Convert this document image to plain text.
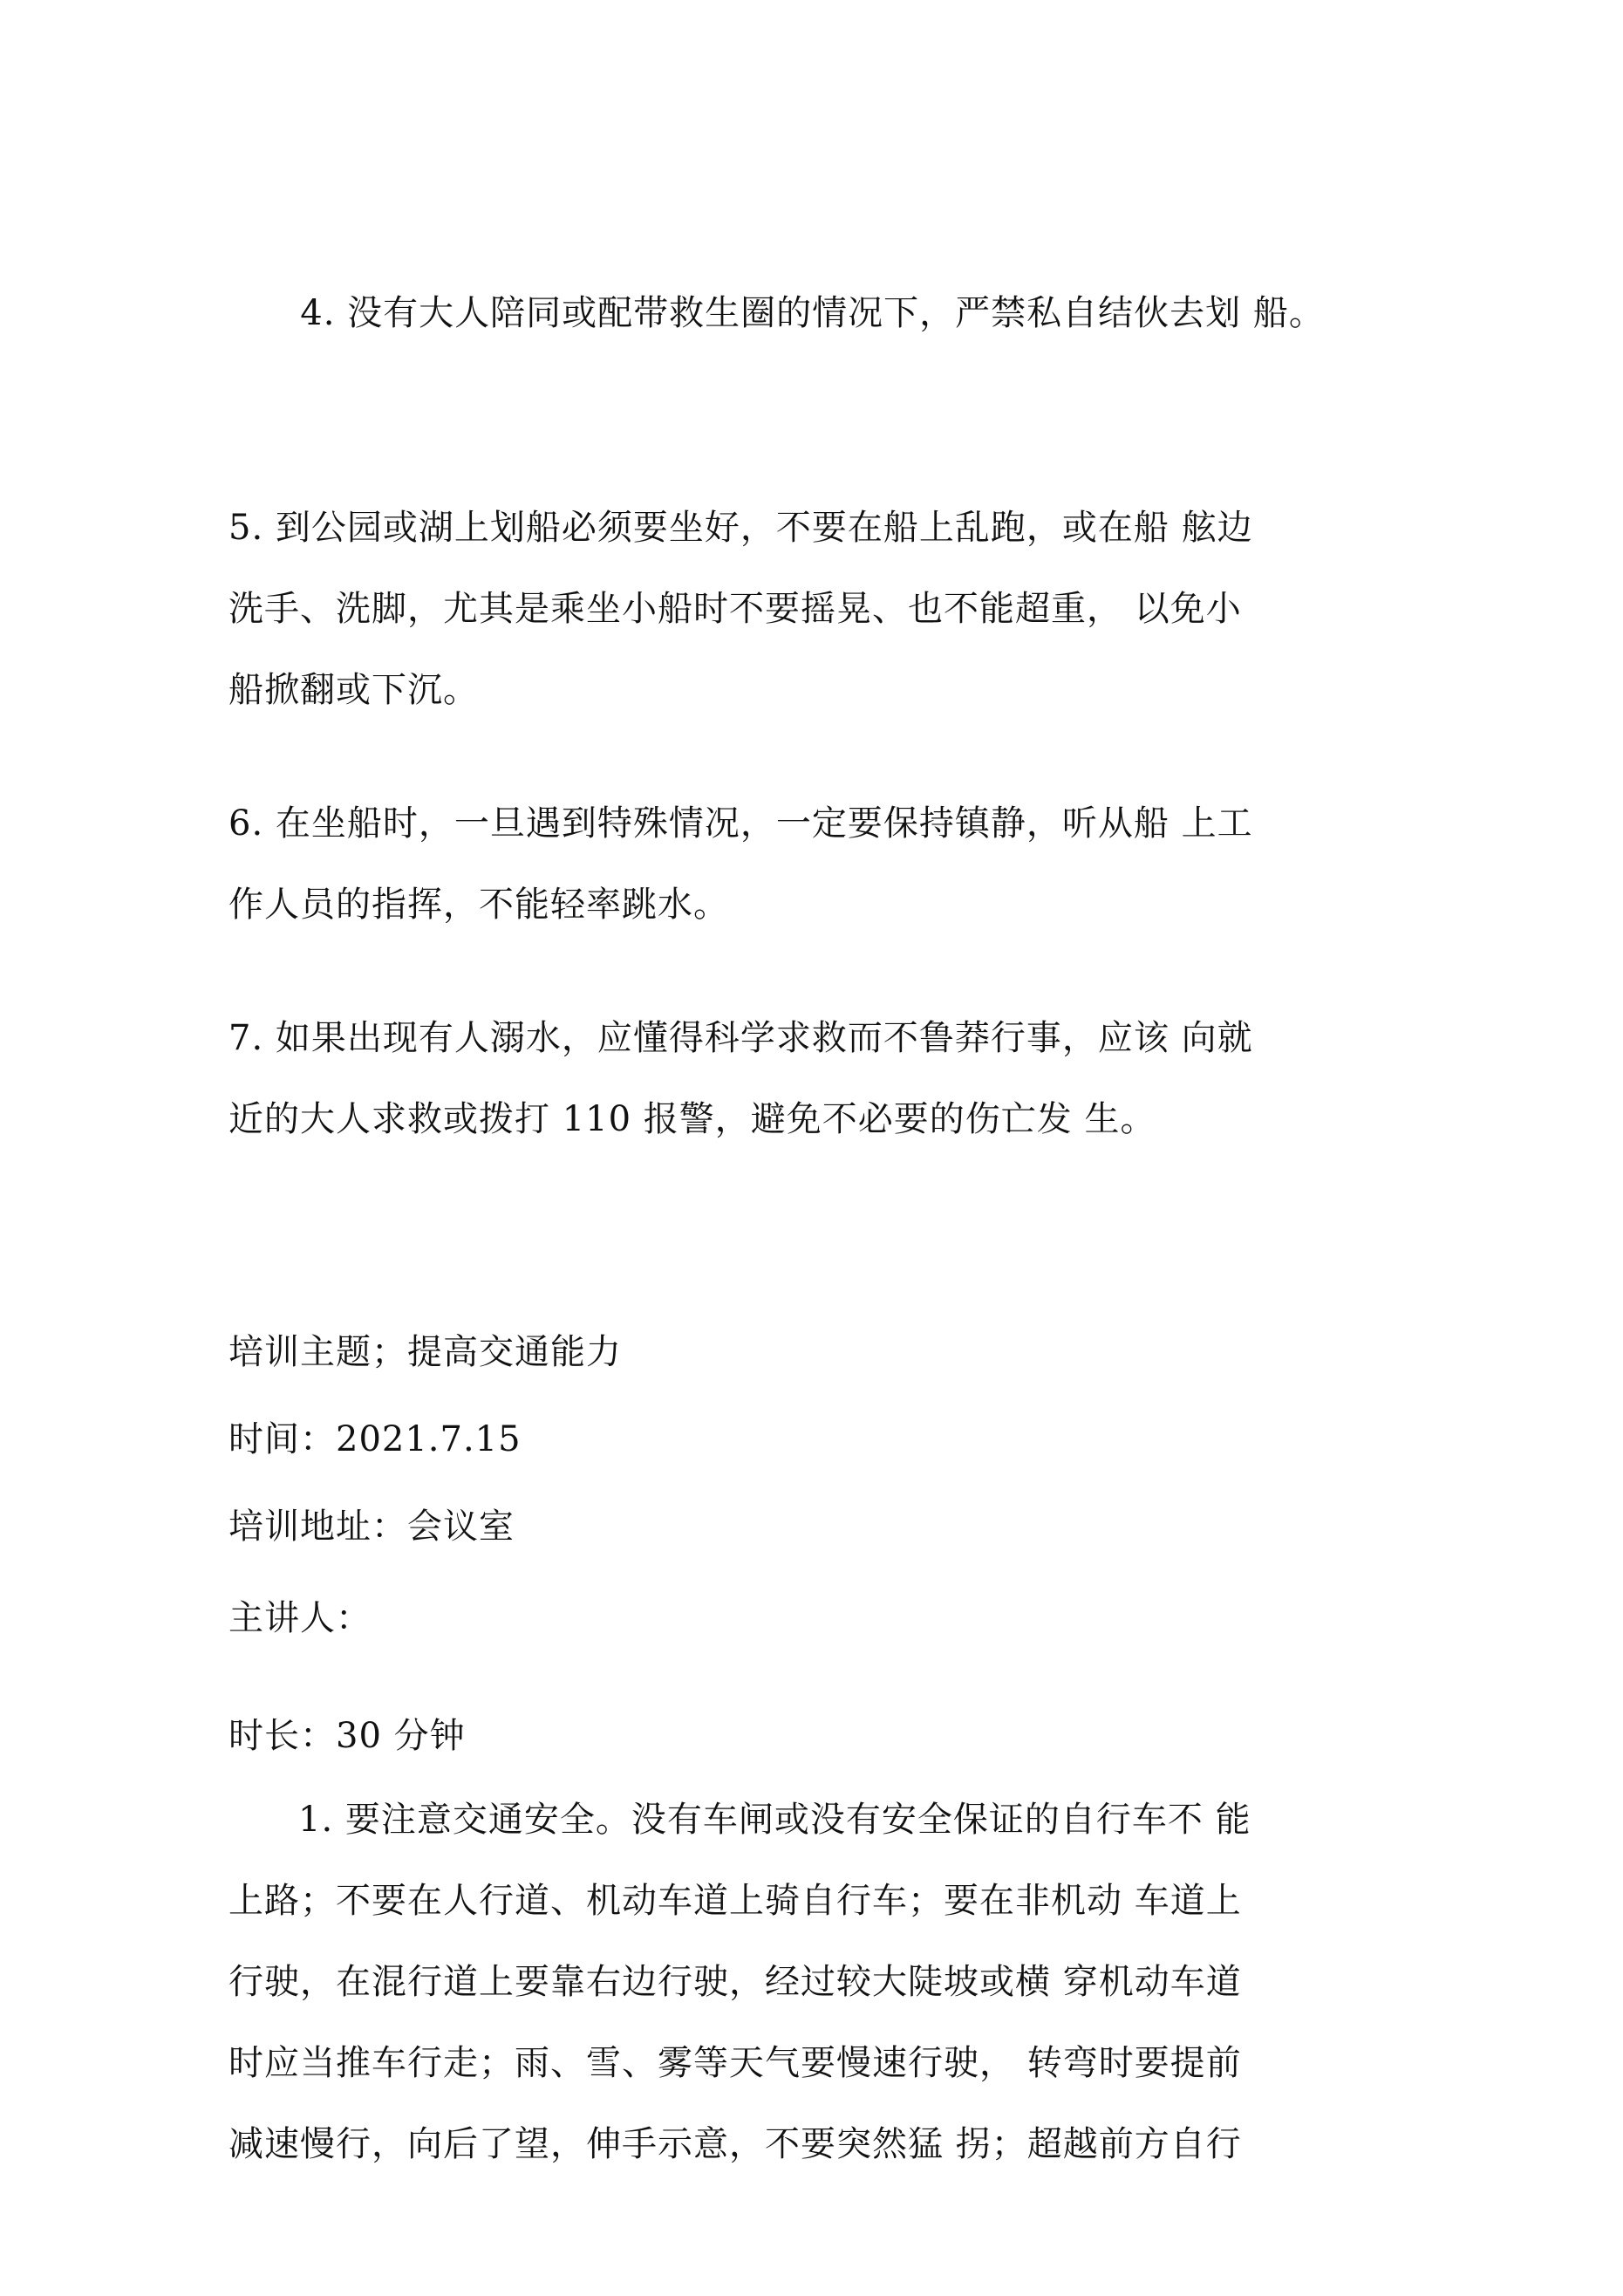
4. 没有大人陪同或配带救生圈的情况下，严禁私自结伙去划 船。

5. 到公园或湖上划船必须要坐好，不要在船上乱跑，或在船 舷边
洗手、洗脚，尤其是乘坐小船时不要摇晃、也不能超重， 以免小
船掀翻或下沉。

6. 在坐船时，一旦遇到特殊情况，一定要保持镇静，听从船 上工
作人员的指挥，不能轻率跳水。

7. 如果出现有人溺水，应懂得科学求救而不鲁莽行事，应该 向就
近的大人求救或拨打 110 报警，避免不必要的伤亡发 生。

培训主题；提高交通能力

时间：2021.7.15

培训地址：会议室

主讲人：

时长：30 分钟

1. 要注意交通安全。没有车闸或没有安全保证的自行车不 能
上路；不要在人行道、机动车道上骑自行车；要在非机动 车道上
行驶，在混行道上要靠右边行驶，经过较大陡坡或横 穿机动车道
时应当推车行走；雨、雪、雾等天气要慢速行驶， 转弯时要提前
减速慢行，向后了望，伸手示意，不要突然猛 拐；超越前方自行
